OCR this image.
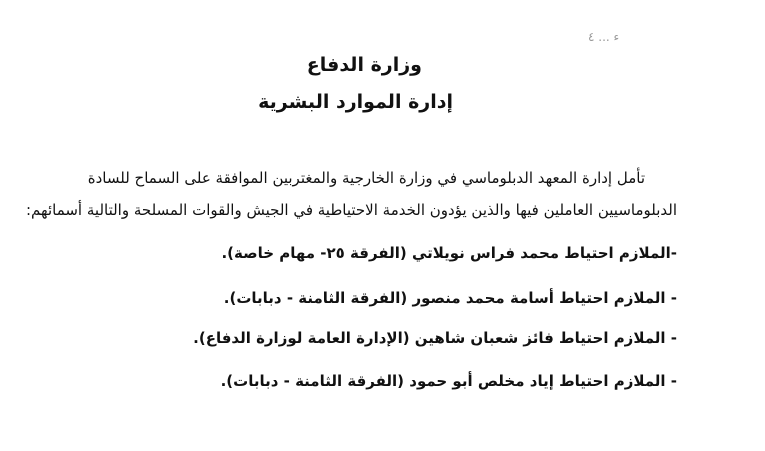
ء ... ٤
وزارة الدفاع
إدارة الموارد البشرية
تأمل إدارة المعهد الدبلوماسي في وزارة الخارجية والمغتربين الموافقة على السماح للسادة
الدبلوماسيين العاملين فيها والذين يؤدون الخدمة الاحتياطية في الجيش والقوات المسلحة والتالية أسمائهم:
-الملازم احتياط محمد فراس نويلاتي (الفرقة ٢٥- مهام خاصة).
- الملازم احتياط أسامة محمد منصور (الفرقة الثامنة - دبابات).
- الملازم احتياط فائز شعبان شاهين (الإدارة العامة لوزارة الدفاع).
- الملازم احتياط إياد مخلص أبو حمود (الفرقة الثامنة - دبابات).
